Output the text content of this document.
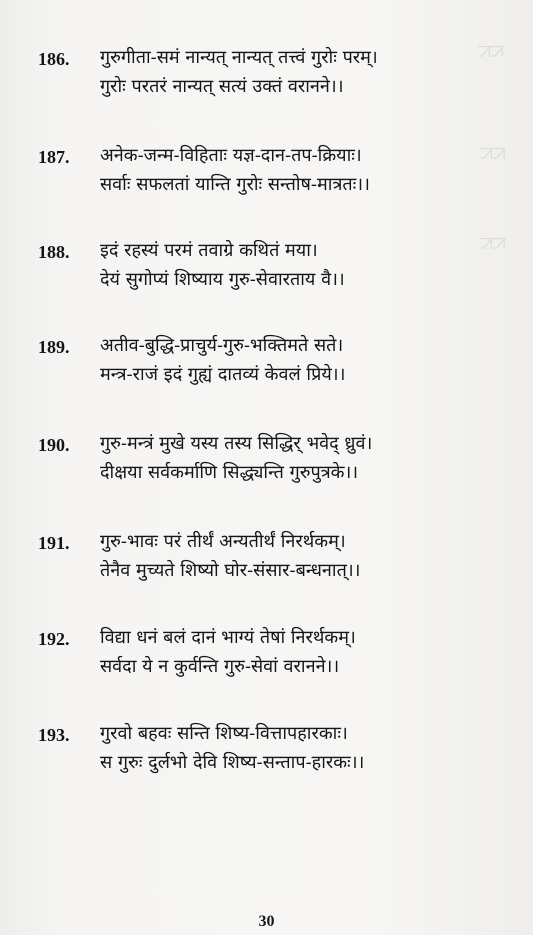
ꠀꠀ
ꠀꠀ
ꠀꠀ
186. गुरुगीता-समं नान्यत् नान्यत् तत्त्वं गुरोः परम्।
गुरोः परतरं नान्यत् सत्यं उक्तं वरानने।।
187. अनेक-जन्म-विहिताः यज्ञ-दान-तप-क्रियाः।
सर्वाः सफलतां यान्ति गुरोः सन्तोष-मात्रतः।।
188. इदं रहस्यं परमं तवाग्रे कथितं मया।
देयं सुगोप्यं शिष्याय गुरु-सेवारताय वै।।
189. अतीव-बुद्धि-प्राचुर्य-गुरु-भक्तिमते सते।
मन्त्र-राजं इदं गुह्यं दातव्यं केवलं प्रिये।।
190. गुरु-मन्त्रं मुखे यस्य तस्य सिद्धिर् भवेद् ध्रुवं।
दीक्षया सर्वकर्माणि सिद्ध्यन्ति गुरुपुत्रके।।
191. गुरु-भावः परं तीर्थं अन्यतीर्थं निरर्थकम्।
तेनैव मुच्यते शिष्यो घोर-संसार-बन्धनात्।।
192. विद्या धनं बलं दानं भाग्यं तेषां निरर्थकम्।
सर्वदा ये न कुर्वन्ति गुरु-सेवां वरानने।।
193. गुरवो बहवः सन्ति शिष्य-वित्तापहारकाः।
स गुरुः दुर्लभो देवि शिष्य-सन्ताप-हारकः।।
30
